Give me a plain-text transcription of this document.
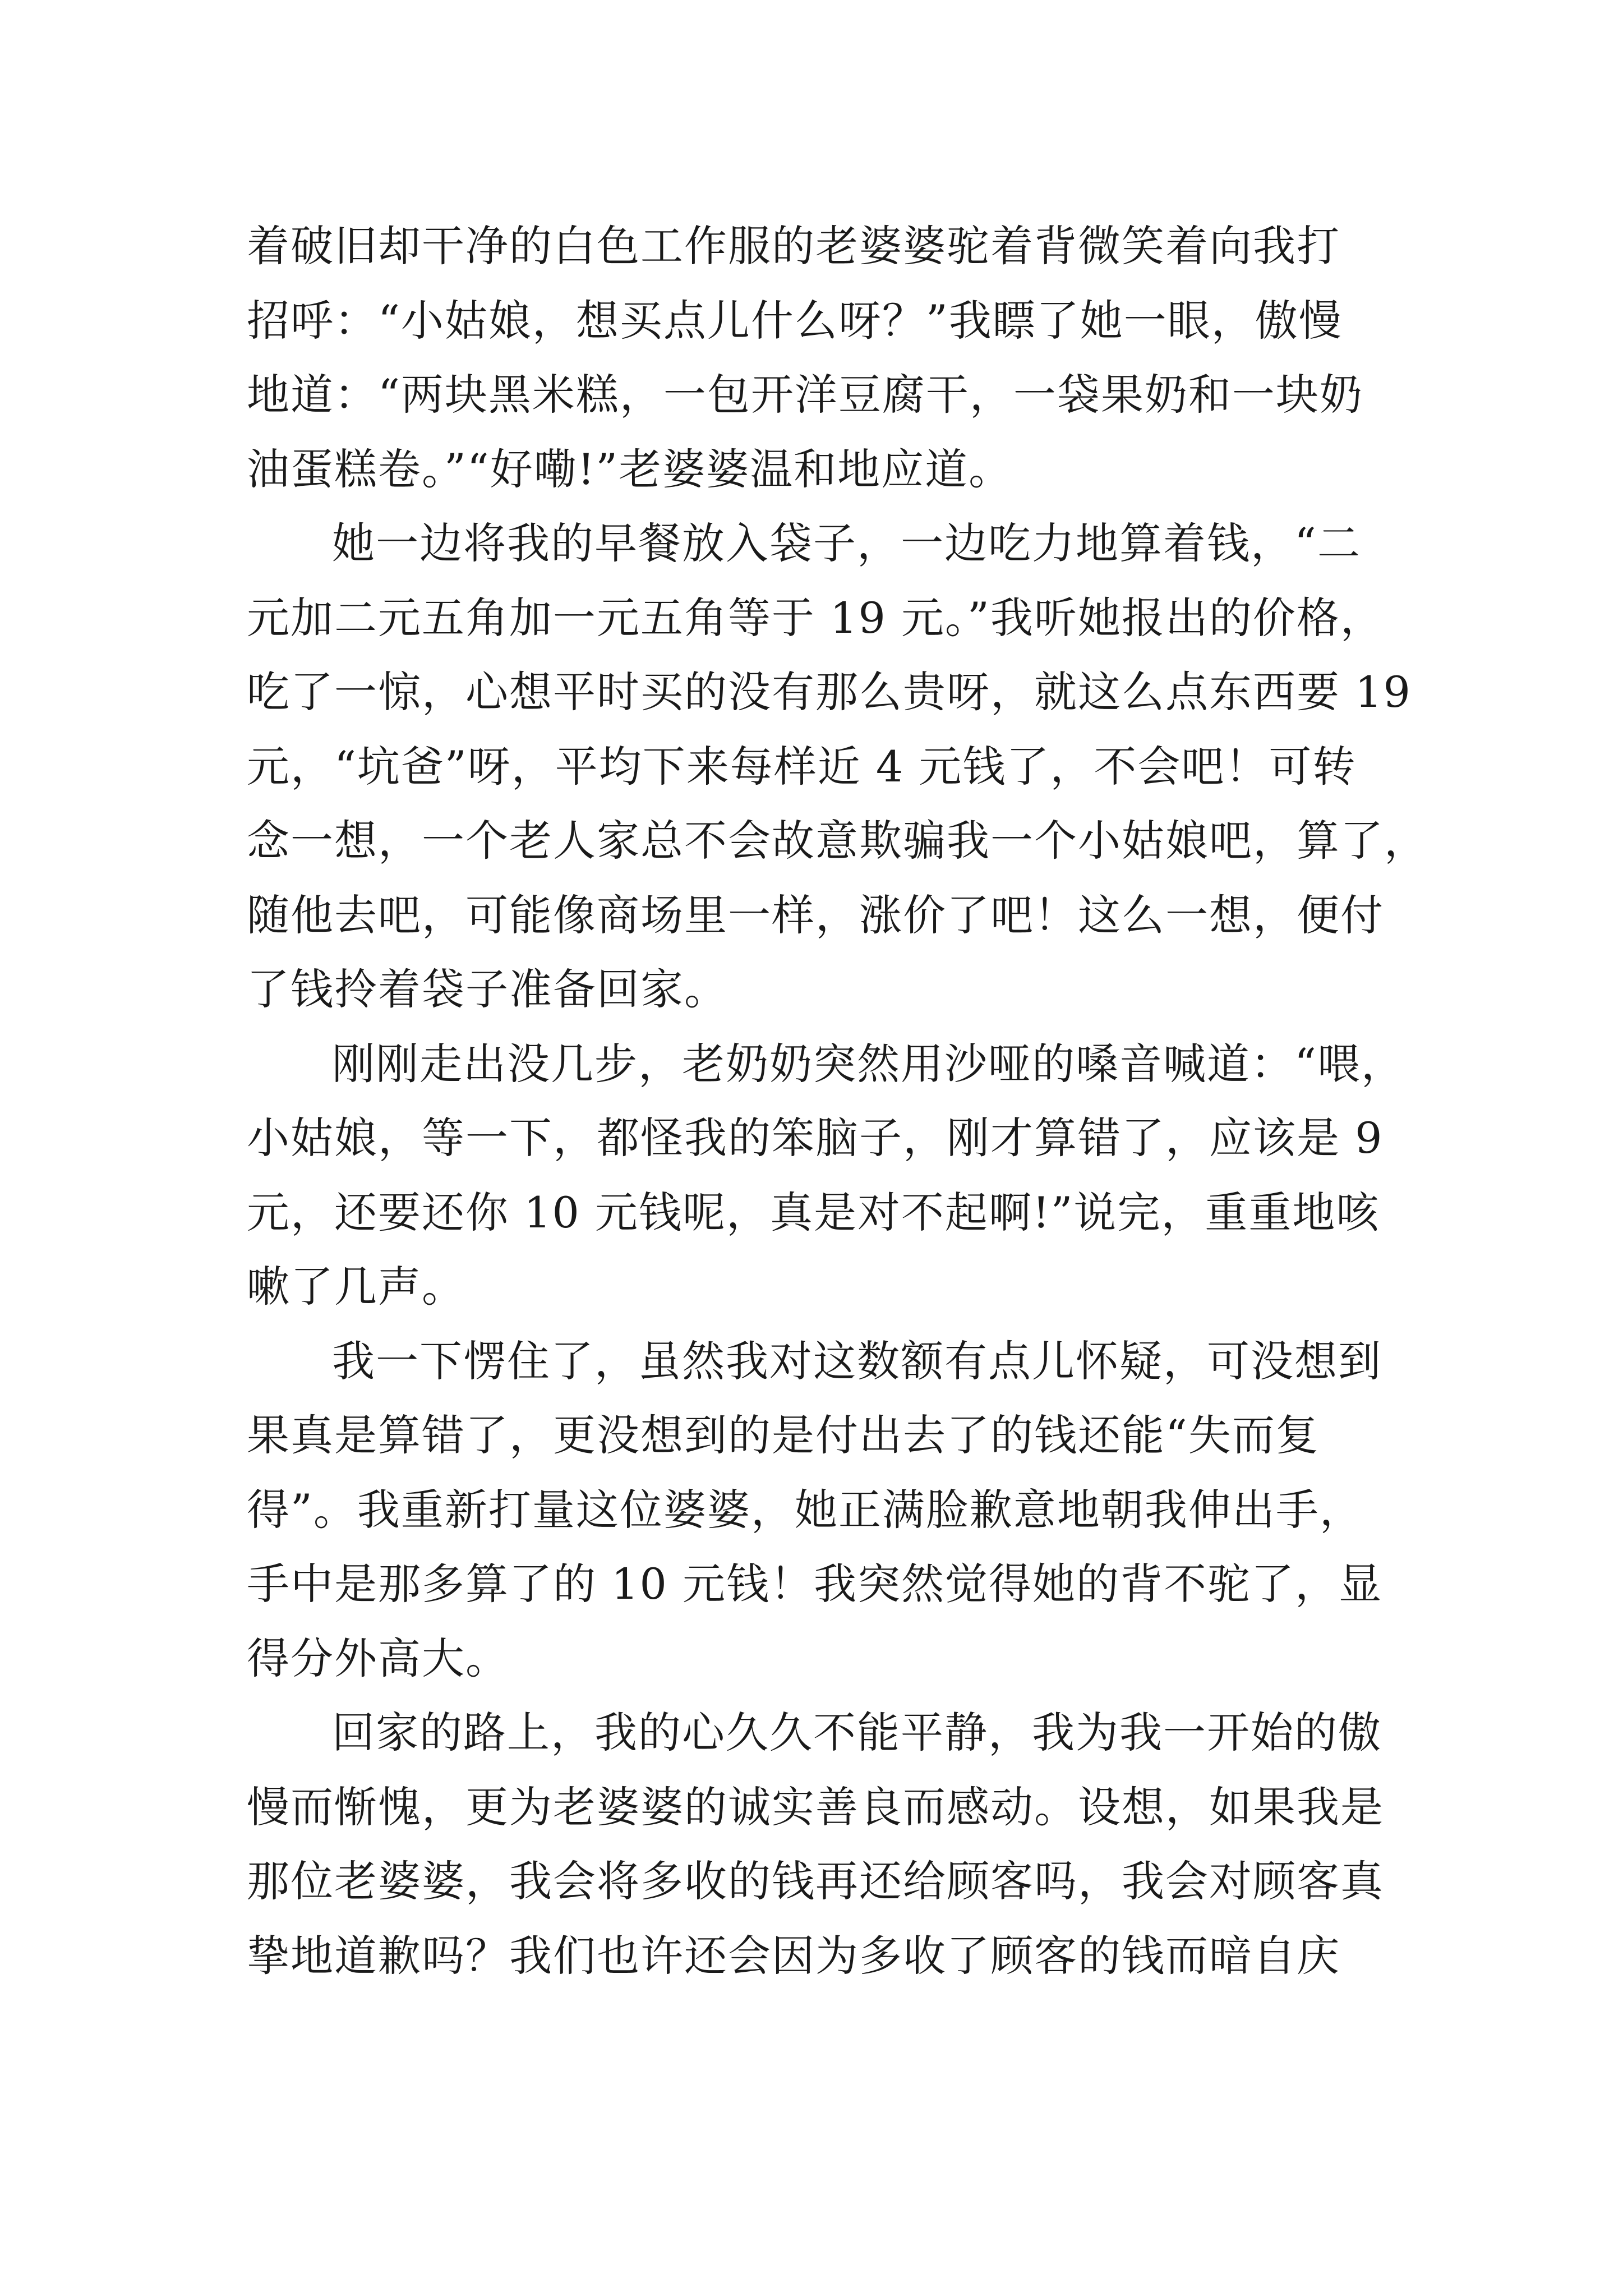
着破旧却干净的白色工作服的老婆婆驼着背微笑着向我打
招呼：“小姑娘，想买点儿什么呀？”我瞟了她一眼，傲慢
地道：“两块黑米糕，一包开洋豆腐干，一袋果奶和一块奶
油蛋糕卷。”“好嘞!”老婆婆温和地应道。
她一边将我的早餐放入袋子，一边吃力地算着钱，“二
元加二元五角加一元五角等于 19 元。”我听她报出的价格，
吃了一惊，心想平时买的没有那么贵呀，就这么点东西要 19
元，“坑爸”呀，平均下来每样近 4 元钱了，不会吧！可转
念一想，一个老人家总不会故意欺骗我一个小姑娘吧，算了，
随他去吧，可能像商场里一样，涨价了吧！这么一想，便付
了钱拎着袋子准备回家。
刚刚走出没几步，老奶奶突然用沙哑的嗓音喊道：“喂，
小姑娘，等一下，都怪我的笨脑子，刚才算错了，应该是 9
元，还要还你 10 元钱呢，真是对不起啊!”说完，重重地咳
嗽了几声。
我一下愣住了，虽然我对这数额有点儿怀疑，可没想到
果真是算错了，更没想到的是付出去了的钱还能“失而复
得”。我重新打量这位婆婆，她正满脸歉意地朝我伸出手，
手中是那多算了的 10 元钱！我突然觉得她的背不驼了，显
得分外高大。
回家的路上，我的心久久不能平静，我为我一开始的傲
慢而惭愧，更为老婆婆的诚实善良而感动。设想，如果我是
那位老婆婆，我会将多收的钱再还给顾客吗，我会对顾客真
挚地道歉吗？我们也许还会因为多收了顾客的钱而暗自庆
